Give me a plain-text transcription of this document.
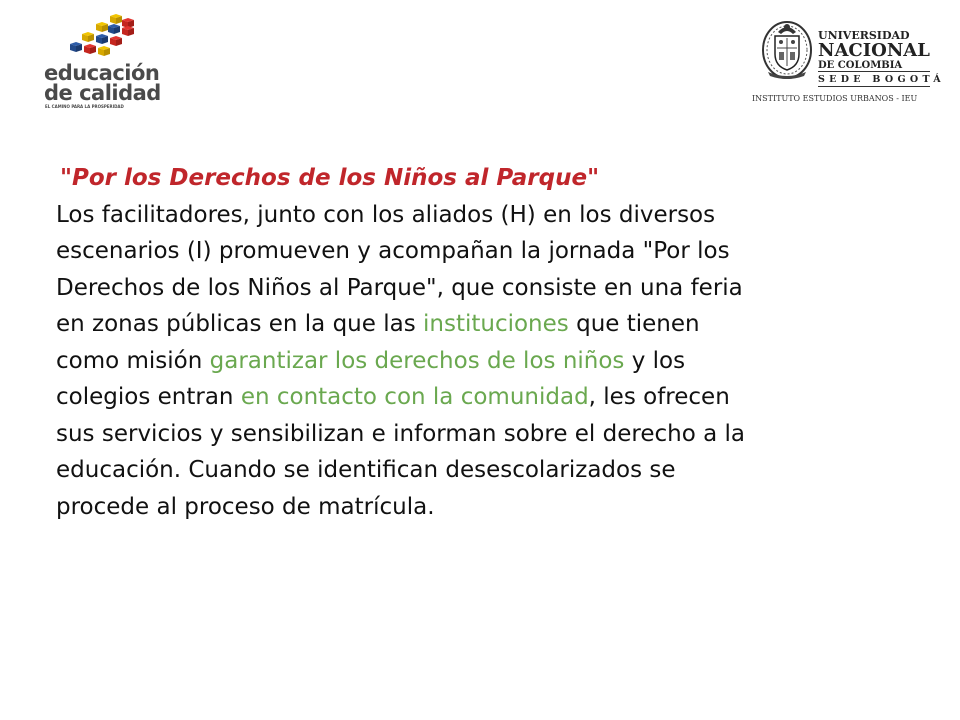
educación
de calidad
EL CAMINO PARA LA PROSPERIDAD
UNIVERSIDAD
NACIONAL
DE COLOMBIA
SEDE BOGOTÁ
INSTITUTO ESTUDIOS URBANOS - IEU
"Por los Derechos de los Niños al Parque"
Los facilitadores, junto con los aliados (H) en los diversos
escenarios (I) promueven y acompañan la jornada "Por los
Derechos de los Niños al Parque", que consiste en una feria
en zonas públicas en la que las instituciones que tienen
como misión garantizar los derechos de los niños y los
colegios entran en contacto con la comunidad, les ofrecen
sus servicios y sensibilizan e informan sobre el derecho a la
educación. Cuando se identifican desescolarizados se
procede al proceso de matrícula.
